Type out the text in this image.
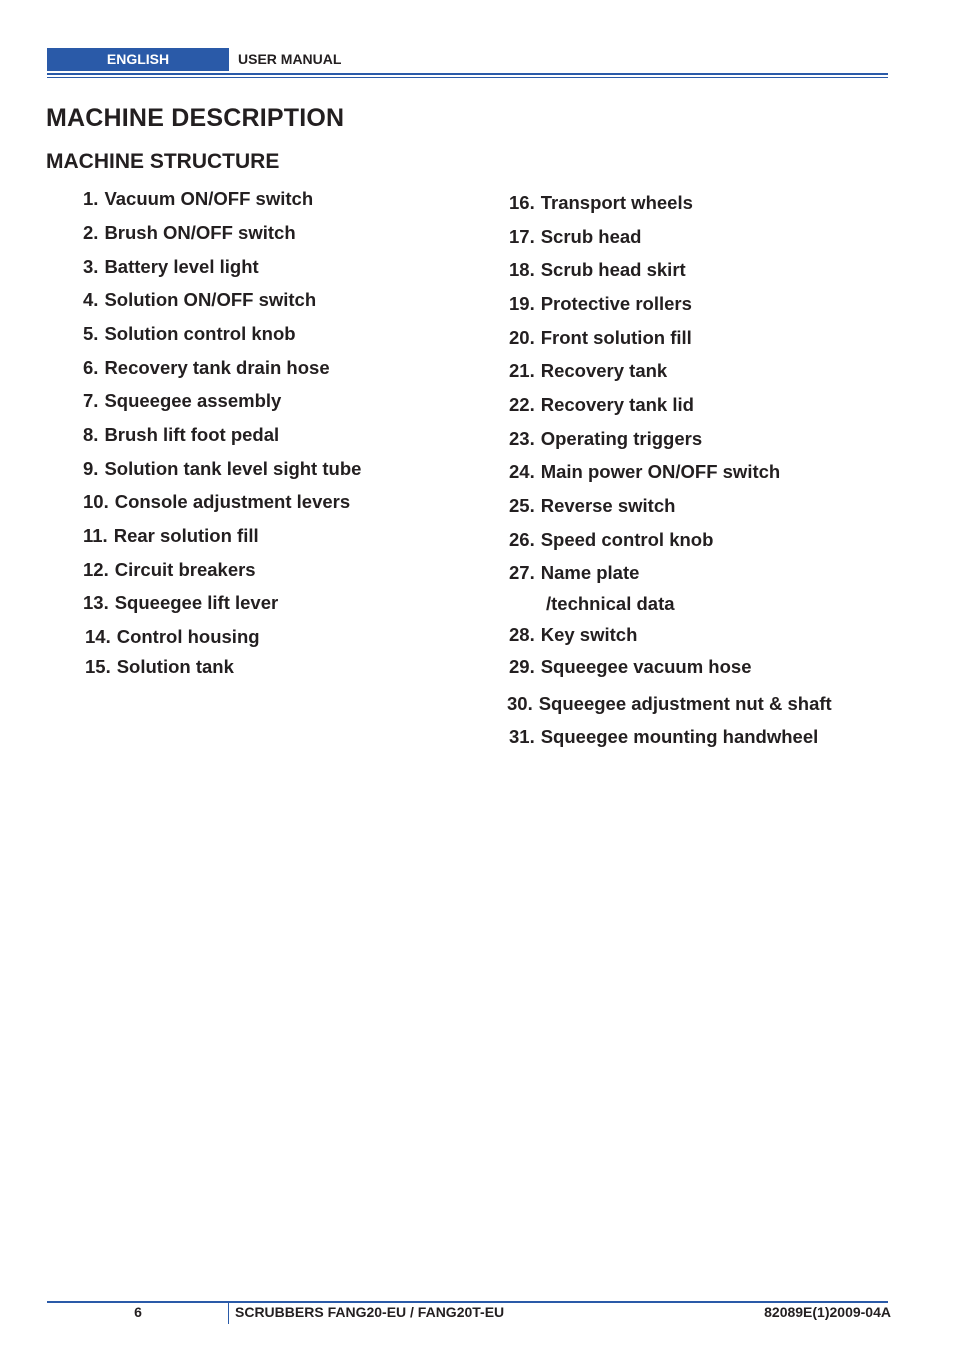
ENGLISH	USER MANUAL
MACHINE DESCRIPTION
MACHINE STRUCTURE
1. Vacuum ON/OFF switch
2. Brush ON/OFF switch
3. Battery level light
4. Solution ON/OFF switch
5. Solution control knob
6. Recovery tank drain hose
7. Squeegee assembly
8. Brush lift foot pedal
9. Solution tank level sight tube
10. Console adjustment levers
11. Rear solution fill
12. Circuit breakers
13. Squeegee lift lever
14. Control housing
15. Solution tank
16. Transport wheels
17. Scrub head
18. Scrub head skirt
19. Protective rollers
20. Front solution fill
21. Recovery tank
22. Recovery tank lid
23. Operating triggers
24. Main power ON/OFF switch
25. Reverse switch
26. Speed control knob
27. Name plate
/technical data
28. Key switch
29. Squeegee vacuum hose
30. Squeegee adjustment nut & shaft
31. Squeegee mounting handwheel
6	SCRUBBERS FANG20-EU / FANG20T-EU	82089E(1)2009-04A
